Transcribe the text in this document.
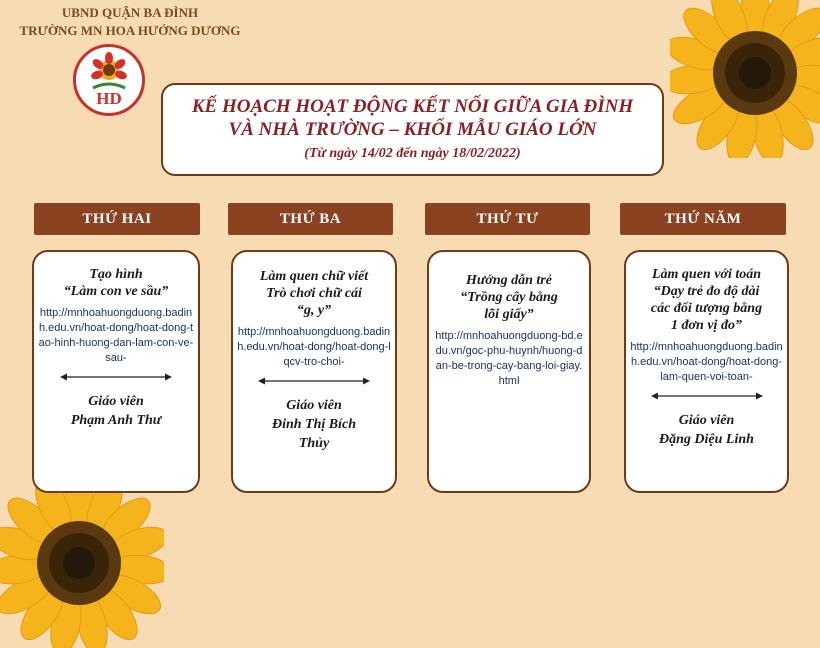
UBND QUẬN BA ĐÌNH
TRƯỜNG MN HOA HƯỚNG DƯƠNG
HD	KẾ HOẠCH HOẠT ĐỘNG KẾT NỐI GIỮA GIA ĐÌNH
VÀ NHÀ TRƯỜNG – KHỐI MẪU GIÁO LỚN
(Từ ngày 14/02 đến ngày 18/02/2022)
THỨ HAI	THỨ BA	THỨ TƯ	THỨ NĂM
Tạo hình
“Làm con ve sầu”
http://mnhoahuongduong.badinh.edu.vn/hoat-dong/hoat-dong-tao-hinh-huong-dan-lam-con-ve-sau-
Giáo viên
Phạm Anh Thư
Làm quen chữ viết
Trò chơi chữ cái
“g, y”
http://mnhoahuongduong.badinh.edu.vn/hoat-dong/hoat-dong-lqcv-tro-choi-
Giáo viên
Đinh Thị Bích Thủy
Hướng dẫn trẻ
“Trồng cây bằng
lõi giấy”
http://mnhoahuongduong-bd.edu.vn/goc-phu-huynh/huong-dan-be-trong-cay-bang-loi-giay.html
Làm quen với toán
“Dạy trẻ đo độ dài
các đối tượng bằng
1 đơn vị đo”
http://mnhoahuongduong.badinh.edu.vn/hoat-dong/hoat-dong-lam-quen-voi-toan-
Giáo viên
Đặng Diệu Linh
